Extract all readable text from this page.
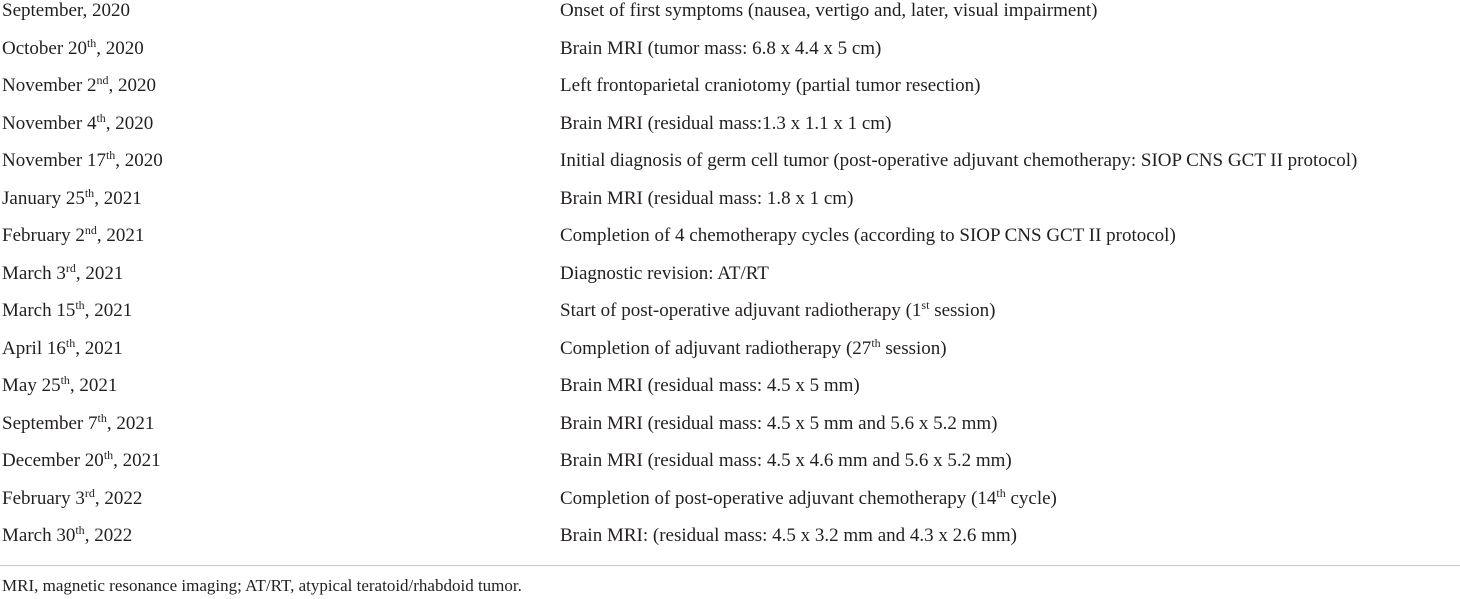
September, 2020	Onset of first symptoms (nausea, vertigo and, later, visual impairment)
October 20th, 2020	Brain MRI (tumor mass: 6.8 x 4.4 x 5 cm)
November 2nd, 2020	Left frontoparietal craniotomy (partial tumor resection)
November 4th, 2020	Brain MRI (residual mass:1.3 x 1.1 x 1 cm)
November 17th, 2020	Initial diagnosis of germ cell tumor (post-operative adjuvant chemotherapy: SIOP CNS GCT II protocol)
January 25th, 2021	Brain MRI (residual mass: 1.8 x 1 cm)
February 2nd, 2021	Completion of 4 chemotherapy cycles (according to SIOP CNS GCT II protocol)
March 3rd, 2021	Diagnostic revision: AT/RT
March 15th, 2021	Start of post-operative adjuvant radiotherapy (1st session)
April 16th, 2021	Completion of adjuvant radiotherapy (27th session)
May 25th, 2021	Brain MRI (residual mass: 4.5 x 5 mm)
September 7th, 2021	Brain MRI (residual mass: 4.5 x 5 mm and 5.6 x 5.2 mm)
December 20th, 2021	Brain MRI (residual mass: 4.5 x 4.6 mm and 5.6 x 5.2 mm)
February 3rd, 2022	Completion of post-operative adjuvant chemotherapy (14th cycle)
March 30th, 2022	Brain MRI: (residual mass: 4.5 x 3.2 mm and 4.3 x 2.6 mm)
MRI, magnetic resonance imaging; AT/RT, atypical teratoid/rhabdoid tumor.
